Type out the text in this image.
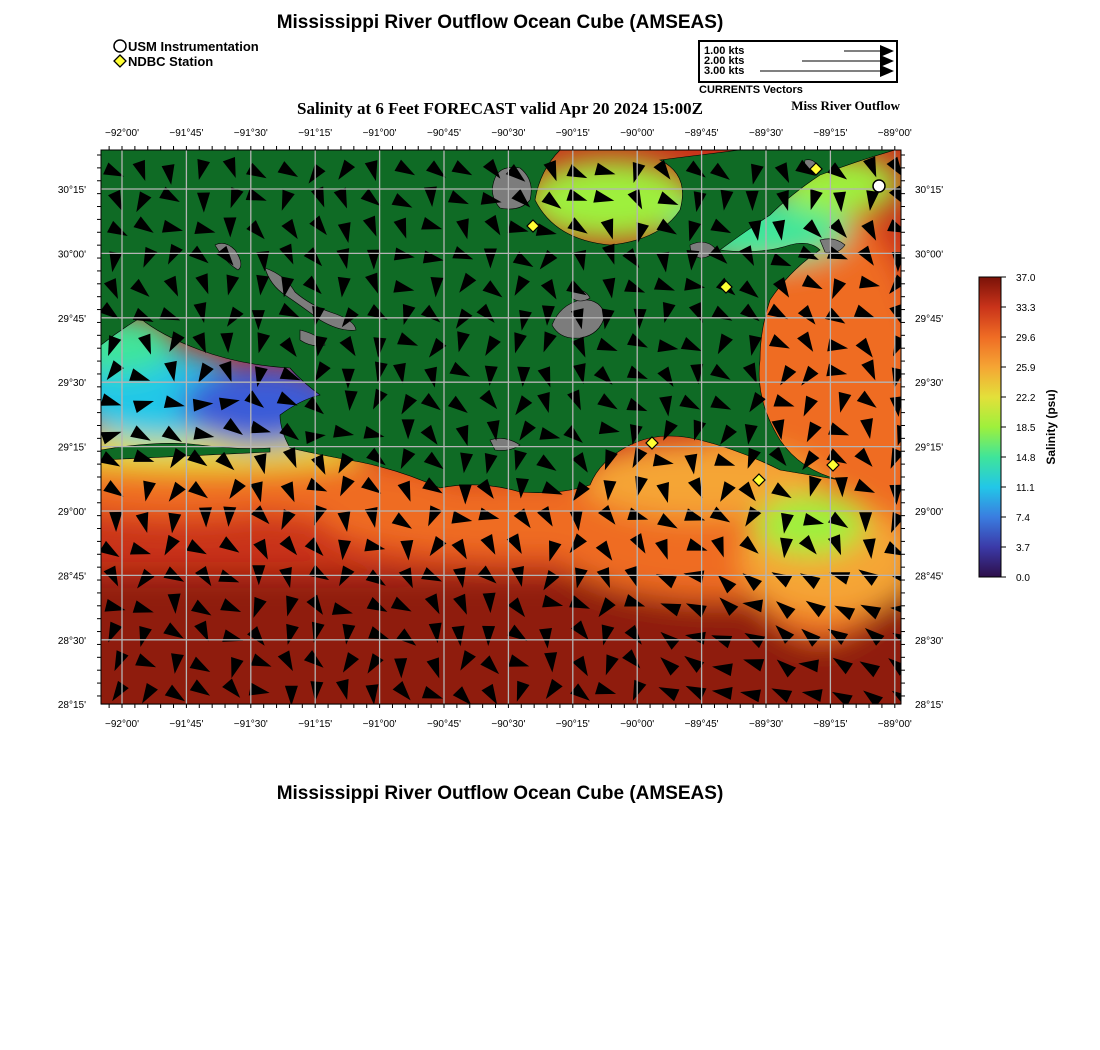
Mississippi River Outflow Ocean Cube (AMSEAS)
USM Instrumentation
NDBC Station
1.00 kts
2.00 kts
3.00 kts
CURRENTS Vectors
Salinity at 6 Feet FORECAST valid Apr 20 2024 15:00Z	Miss River Outflow
−92°00'	−91°45'	−91°30'	−91°15'	−91°00'	−90°45'	−90°30'	−90°15'	−90°00'	−89°45'	−89°30'	−89°15'	−89°00'
−92°00'	−91°45'	−91°30'	−91°15'	−91°00'	−90°45'	−90°30'	−90°15'	−90°00'	−89°45'	−89°30'	−89°15'	−89°00'
30°15'
30°00'
29°45'
29°30'
29°15'
29°00'
28°45'
28°30'
28°15'
30°15'
30°00'
29°45'
29°30'
29°15'
29°00'
28°45'
28°30'
28°15'
37.0
33.3
29.6
25.9
22.2
18.5
14.8
11.1
7.4
3.7
0.0
Salinity (psu)
Mississippi River Outflow Ocean Cube (AMSEAS)
